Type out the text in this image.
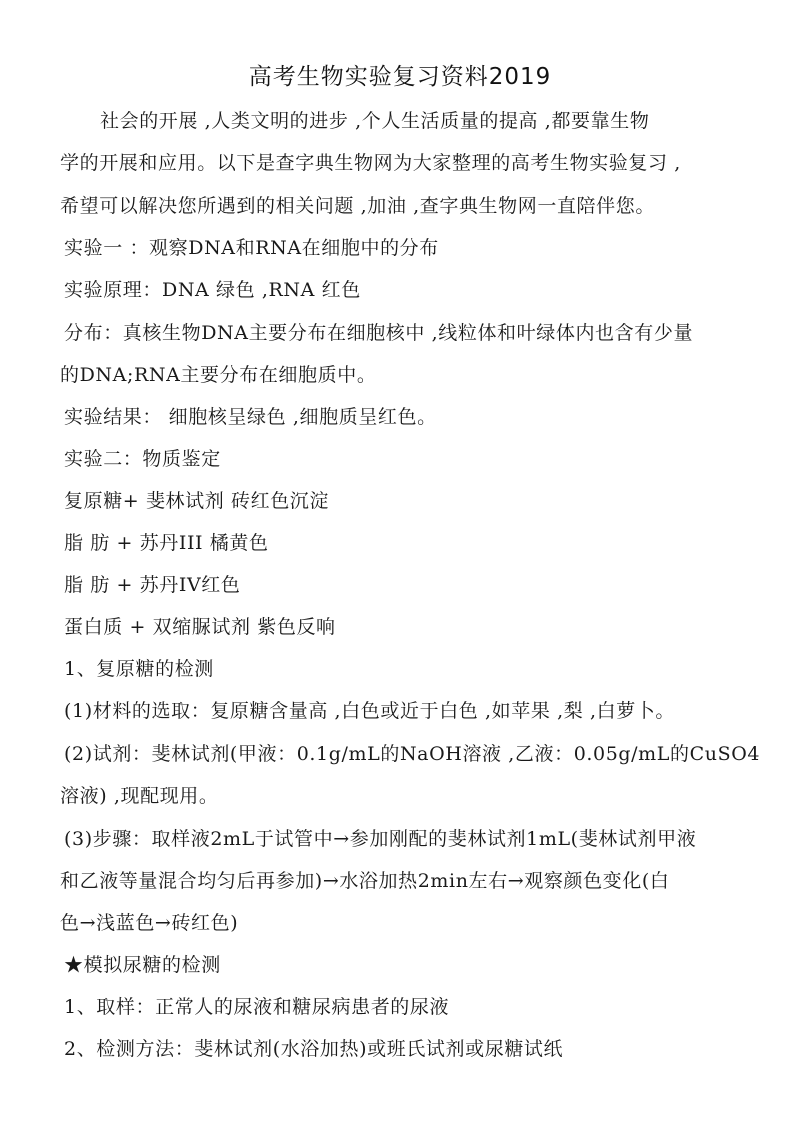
高考生物实验复习资料2019
社会的开展 ,人类文明的进步 ,个人生活质量的提高 ,都要靠生物
学的开展和应用。以下是查字典生物网为大家整理的高考生物实验复习 ,
希望可以解决您所遇到的相关问题 ,加油 ,查字典生物网一直陪伴您。
实验一 ：观察DNA和RNA在细胞中的分布
实验原理：DNA 绿色 ,RNA 红色
分布：真核生物DNA主要分布在细胞核中 ,线粒体和叶绿体内也含有少量
的DNA;RNA主要分布在细胞质中。
实验结果： 细胞核呈绿色 ,细胞质呈红色。
实验二：物质鉴定
复原糖+ 斐林试剂 砖红色沉淀
脂 肪 + 苏丹III 橘黄色
脂 肪 + 苏丹IV红色
蛋白质 + 双缩脲试剂 紫色反响
1、复原糖的检测
(1)材料的选取：复原糖含量高 ,白色或近于白色 ,如苹果 ,梨 ,白萝卜。
(2)试剂：斐林试剂(甲液：0.1g/mL的NaOH溶液 ,乙液：0.05g/mL的CuSO4
溶液) ,现配现用。
(3)步骤：取样液2mL于试管中→参加刚配的斐林试剂1mL(斐林试剂甲液
和乙液等量混合均匀后再参加)→水浴加热2min左右→观察颜色变化(白
色→浅蓝色→砖红色)
★模拟尿糖的检测
1、取样：正常人的尿液和糖尿病患者的尿液
2、检测方法：斐林试剂(水浴加热)或班氏试剂或尿糖试纸
